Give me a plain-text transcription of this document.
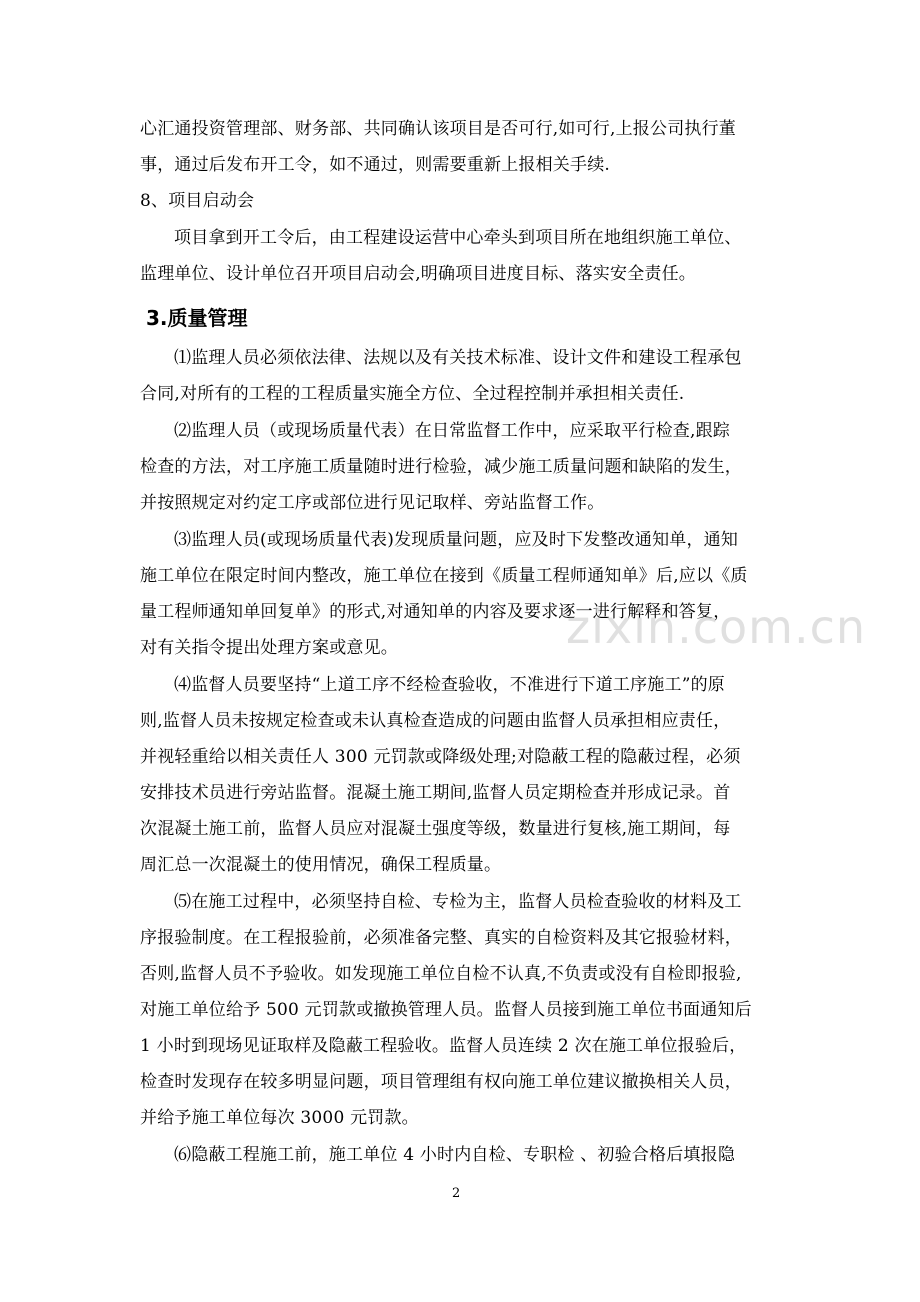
心汇通投资管理部、财务部、共同确认该项目是否可行,如可行,上报公司执行董
事，通过后发布开工令，如不通过，则需要重新上报相关手续.
8、项目启动会
项目拿到开工令后，由工程建设运营中心牵头到项目所在地组织施工单位、
监理单位、设计单位召开项目启动会,明确项目进度目标、落实安全责任。
3.质量管理
⑴监理人员必须依法律、法规以及有关技术标准、设计文件和建设工程承包
合同,对所有的工程的工程质量实施全方位、全过程控制并承担相关责任.
⑵监理人员（或现场质量代表）在日常监督工作中，应采取平行检查,跟踪
检查的方法，对工序施工质量随时进行检验，减少施工质量问题和缺陷的发生，
并按照规定对约定工序或部位进行见记取样、旁站监督工作。
⑶监理人员(或现场质量代表)发现质量问题，应及时下发整改通知单，通知
施工单位在限定时间内整改，施工单位在接到《质量工程师通知单》后,应以《质
量工程师通知单回复单》的形式,对通知单的内容及要求逐一进行解释和答复，
对有关指令提出处理方案或意见。
⑷监督人员要坚持“上道工序不经检查验收，不准进行下道工序施工”的原
则,监督人员未按规定检查或未认真检查造成的问题由监督人员承担相应责任，
并视轻重给以相关责任人 300 元罚款或降级处理;对隐蔽工程的隐蔽过程，必须
安排技术员进行旁站监督。混凝土施工期间,监督人员定期检查并形成记录。首
次混凝土施工前，监督人员应对混凝土强度等级，数量进行复核,施工期间，每
周汇总一次混凝土的使用情况，确保工程质量。
⑸在施工过程中，必须坚持自检、专检为主，监督人员检查验收的材料及工
序报验制度。在工程报验前，必须准备完整、真实的自检资料及其它报验材料，
否则,监督人员不予验收。如发现施工单位自检不认真,不负责或没有自检即报验,
对施工单位给予 500 元罚款或撤换管理人员。监督人员接到施工单位书面通知后
1 小时到现场见证取样及隐蔽工程验收。监督人员连续 2 次在施工单位报验后，
检查时发现存在较多明显问题，项目管理组有权向施工单位建议撤换相关人员，
并给予施工单位每次 3000 元罚款。
⑹隐蔽工程施工前，施工单位 4 小时内自检、专职检 、初验合格后填报隐
zixin.com.cn
2
